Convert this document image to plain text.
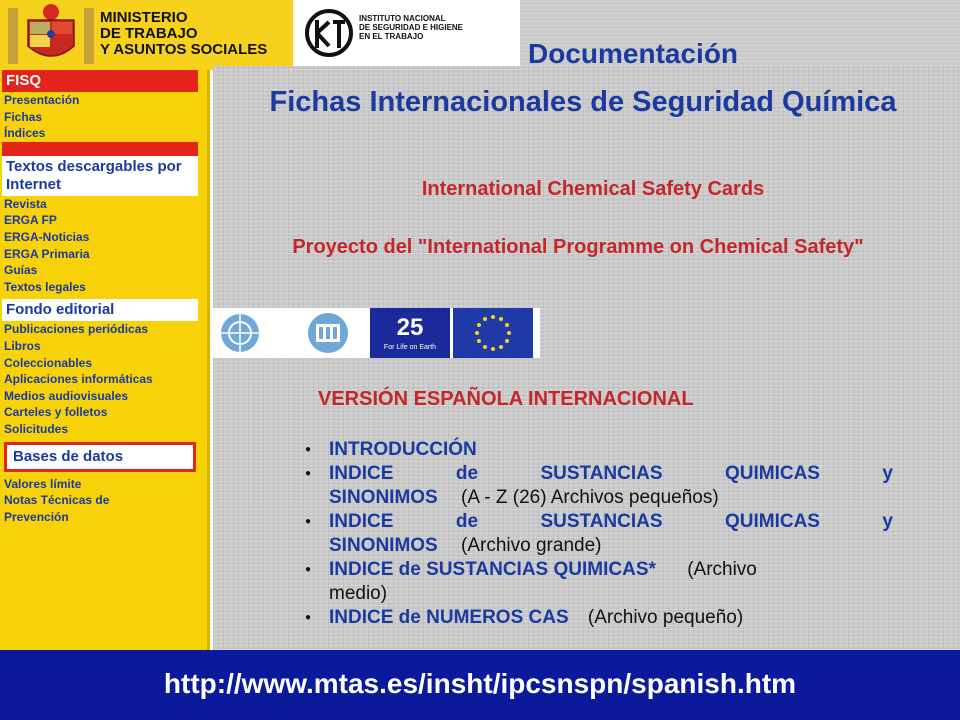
MINISTERIO
DE TRABAJO
Y ASUNTOS SOCIALES
INSTITUTO NACIONAL
DE SEGURIDAD E HIGIENE
EN EL TRABAJO
FISQ
Presentación
Fichas
Índices
Textos descargables por Internet
Revista
ERGA FP
ERGA-Noticias
ERGA Primaria
Guías
Textos legales
Fondo editorial
Publicaciones periódicas
Libros
Coleccionables
Aplicaciones informáticas
Medios audiovisuales
Carteles y folletos
Solicitudes
Bases de datos
Valores límite
Notas Técnicas de
Prevención
Fichas Internacionales de Seguridad Química
International Chemical Safety Cards
Proyecto del "International Programme on Chemical Safety"
25
For Life on Earth
VERSIÓN ESPAÑOLA INTERNACIONAL
● INTRODUCCIÓN
● INDICE de SUSTANCIAS QUIMICAS y
SINONIMOS (A - Z (26) Archivos pequeños)
● INDICE de SUSTANCIAS QUIMICAS y
SINONIMOS (Archivo grande)
● INDICE de SUSTANCIAS QUIMICAS* (Archivo
medio)
● INDICE de NUMEROS CAS (Archivo pequeño)
Documentación
http://www.mtas.es/insht/ipcsnspn/spanish.htm
